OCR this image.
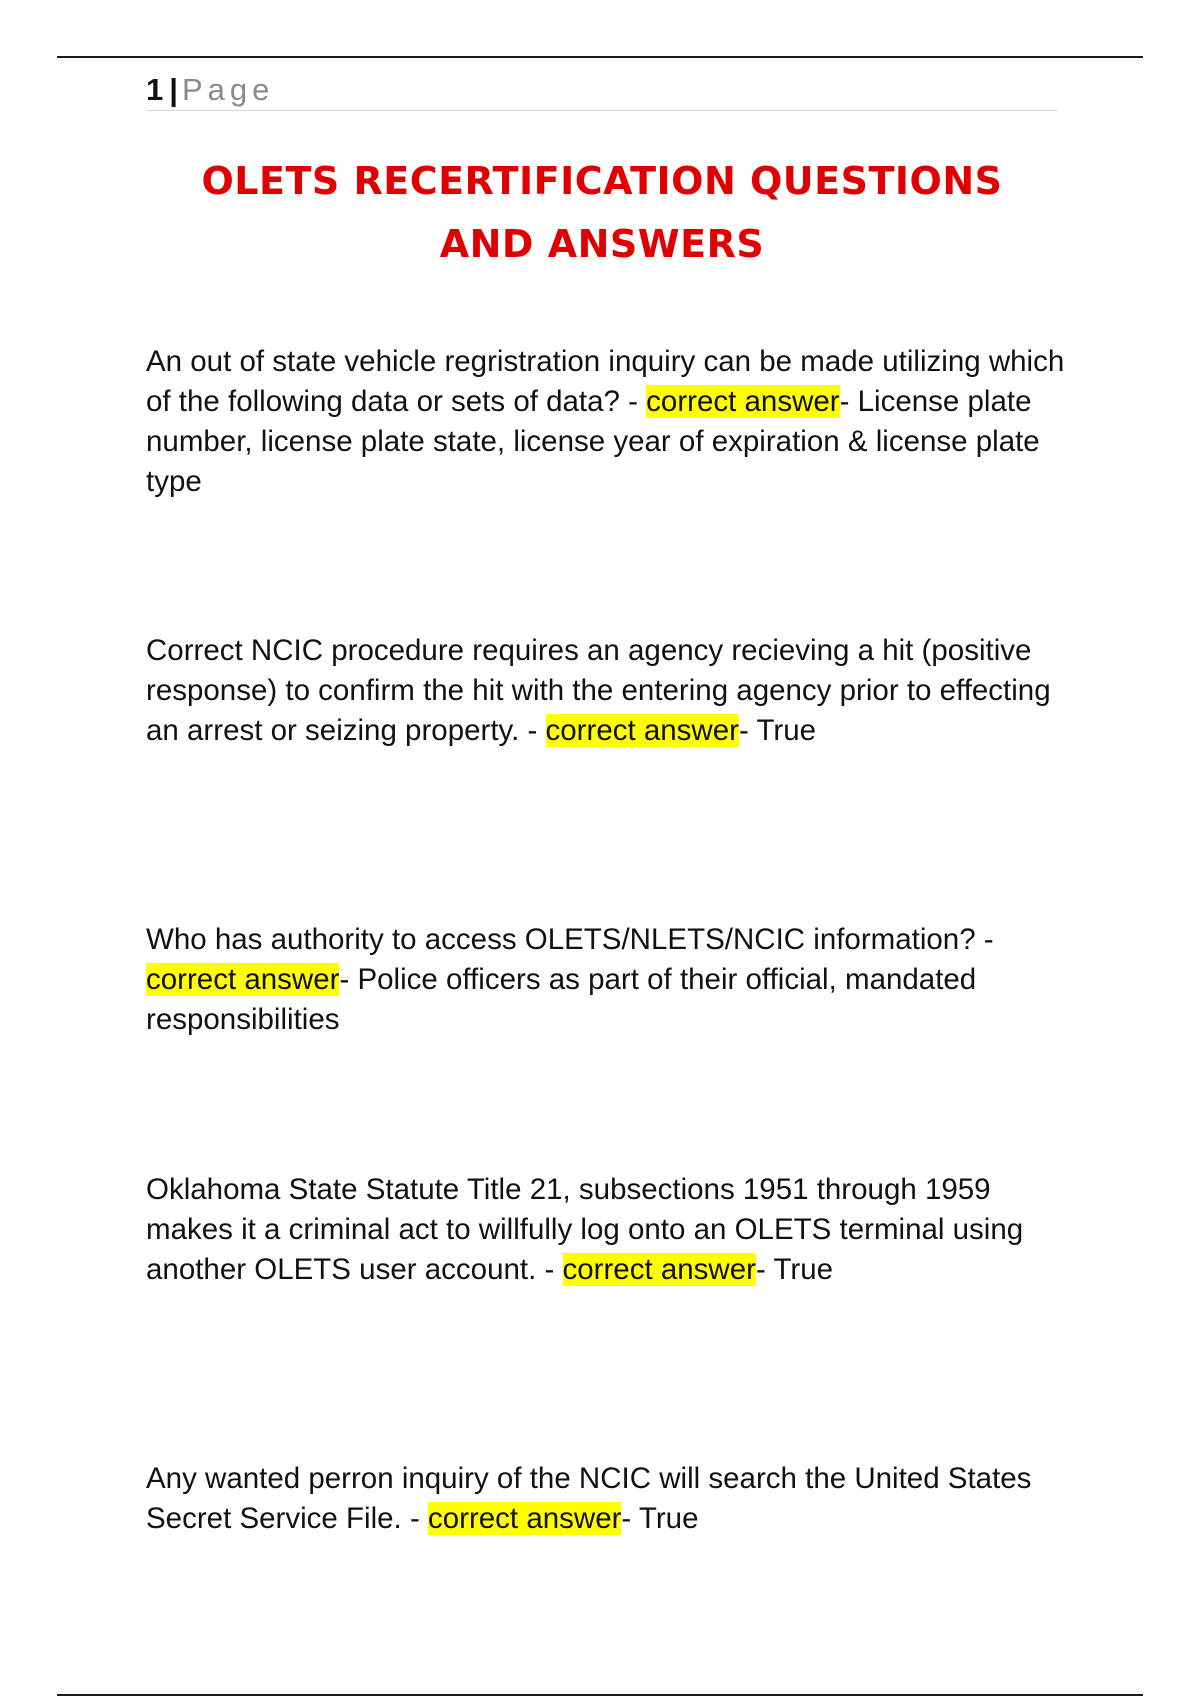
1 | Page
OLETS RECERTIFICATION QUESTIONS
AND ANSWERS

An out of state vehicle regristration inquiry can be made utilizing which of the following data or sets of data? - correct answer- License plate number, license plate state, license year of expiration & license plate type

Correct NCIC procedure requires an agency recieving a hit (positive response) to confirm the hit with the entering agency prior to effecting an arrest or seizing property. - correct answer- True

Who has authority to access OLETS/NLETS/NCIC information? - correct answer- Police officers as part of their official, mandated responsibilities

Oklahoma State Statute Title 21, subsections 1951 through 1959 makes it a criminal act to willfully log onto an OLETS terminal using another OLETS user account. - correct answer- True

Any wanted perron inquiry of the NCIC will search the United States Secret Service File. - correct answer- True
